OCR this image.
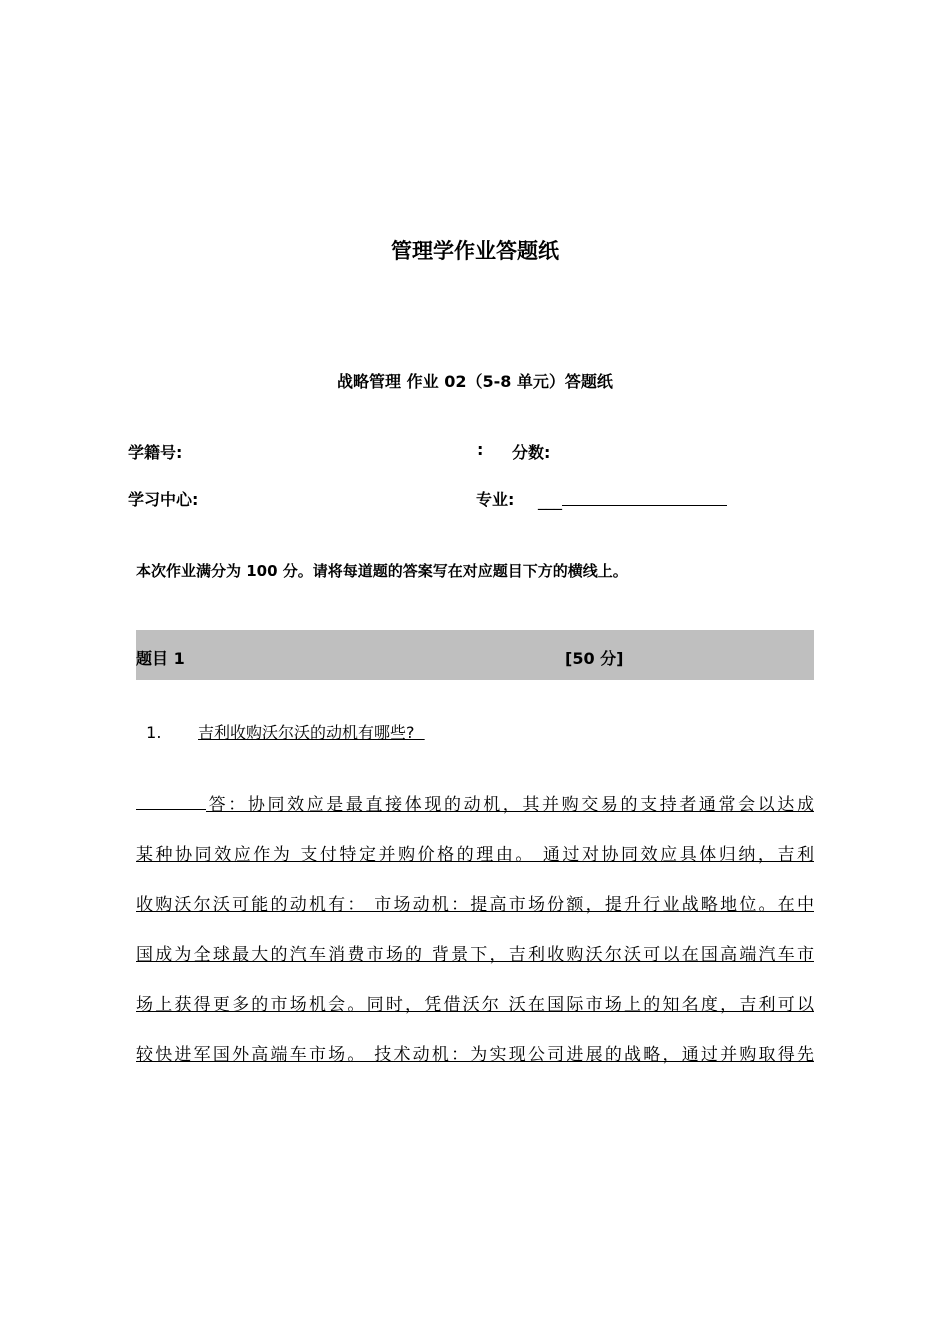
管理学作业答题纸
战略管理 作业 02（5-8 单元）答题纸
学籍号:	: 分数:
学习中心:	专业: ___
本次作业满分为 100 分。请将每道题的答案写在对应题目下方的横线上。
题目 1	[50 分]
1. 吉利收购沃尔沃的动机有哪些?
答：协同效应是最直接体现的动机，其并购交易的支持者通常会以达成
某种协同效应作为 支付特定并购价格的理由。 通过对协同效应具体归纳，吉利
收购沃尔沃可能的动机有： 市场动机：提高市场份额，提升行业战略地位。在中
国成为全球最大的汽车消费市场的 背景下，吉利收购沃尔沃可以在国高端汽车市
场上获得更多的市场机会。同时，凭借沃尔 沃在国际市场上的知名度，吉利可以
较快进军国外高端车市场。 技术动机：为实现公司进展的战略，通过并购取得先
